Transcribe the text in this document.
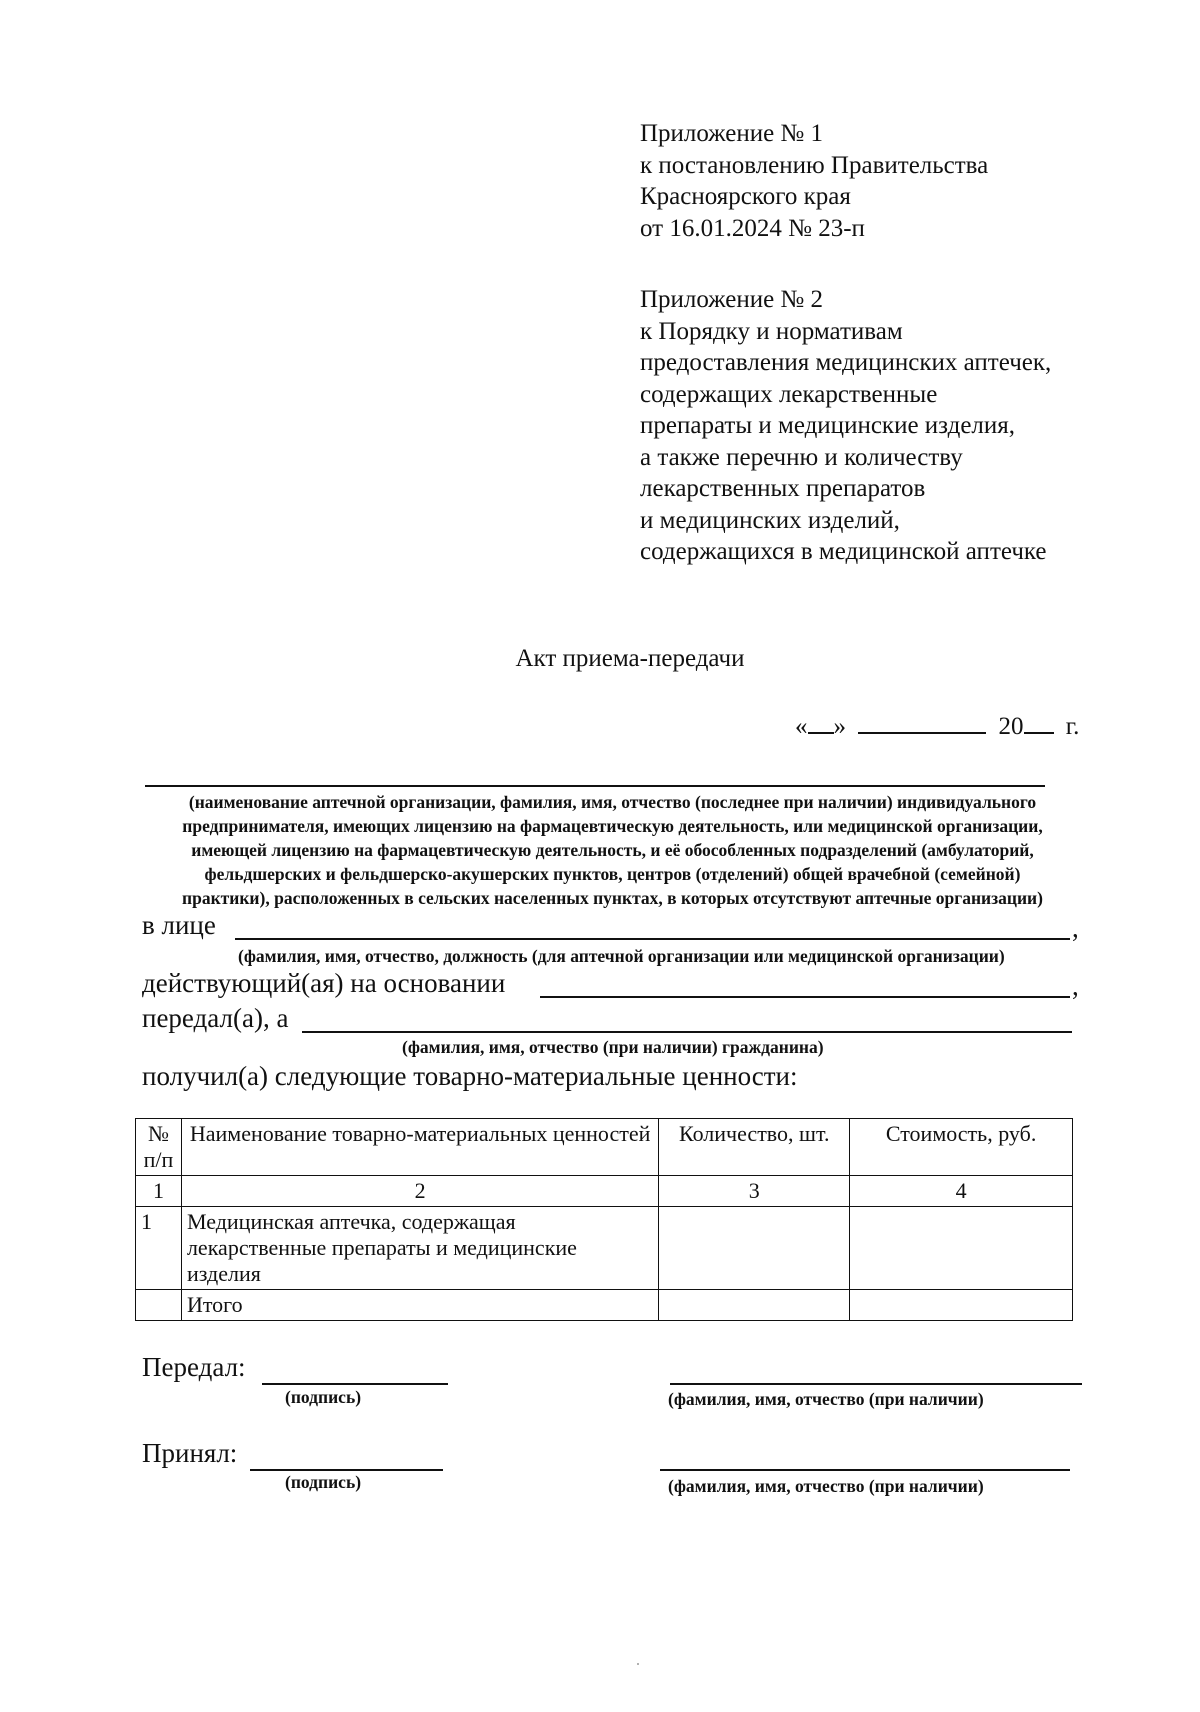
Приложение № 1
к постановлению Правительства
Красноярского края
от 16.01.2024 № 23-п
Приложение № 2
к Порядку и нормативам
предоставления медицинских аптечек,
содержащих лекарственные
препараты и медицинские изделия,
а также перечню и количеству
лекарственных препаратов
и медицинских изделий,
содержащихся в медицинской аптечке
Акт приема-передачи
« »	20 г.
(наименование аптечной организации, фамилия, имя, отчество (последнее при наличии) индивидуального
предпринимателя, имеющих лицензию на фармацевтическую деятельность, или медицинской организации,
имеющей лицензию на фармацевтическую деятельность, и её обособленных подразделений (амбулаторий,
фельдшерских и фельдшерско-акушерских пунктов, центров (отделений) общей врачебной (семейной)
практики), расположенных в сельских населенных пунктах, в которых отсутствуют аптечные организации)
в лице	,
(фамилия, имя, отчество, должность (для аптечной организации или медицинской организации)
действующий(ая) на основании	,
передал(а), а
(фамилия, имя, отчество (при наличии) гражданина)
получил(а) следующие товарно-материальные ценности:
№ п/п	Наименование товарно-материальных ценностей	Количество, шт.	Стоимость, руб.
1	2	3	4
1	Медицинская аптечка, содержащая лекарственные препараты и медицинские изделия		
	Итого		
Передал:
(подпись)	(фамилия, имя, отчество (при наличии)
Принял:
(подпись)	(фамилия, имя, отчество (при наличии)
